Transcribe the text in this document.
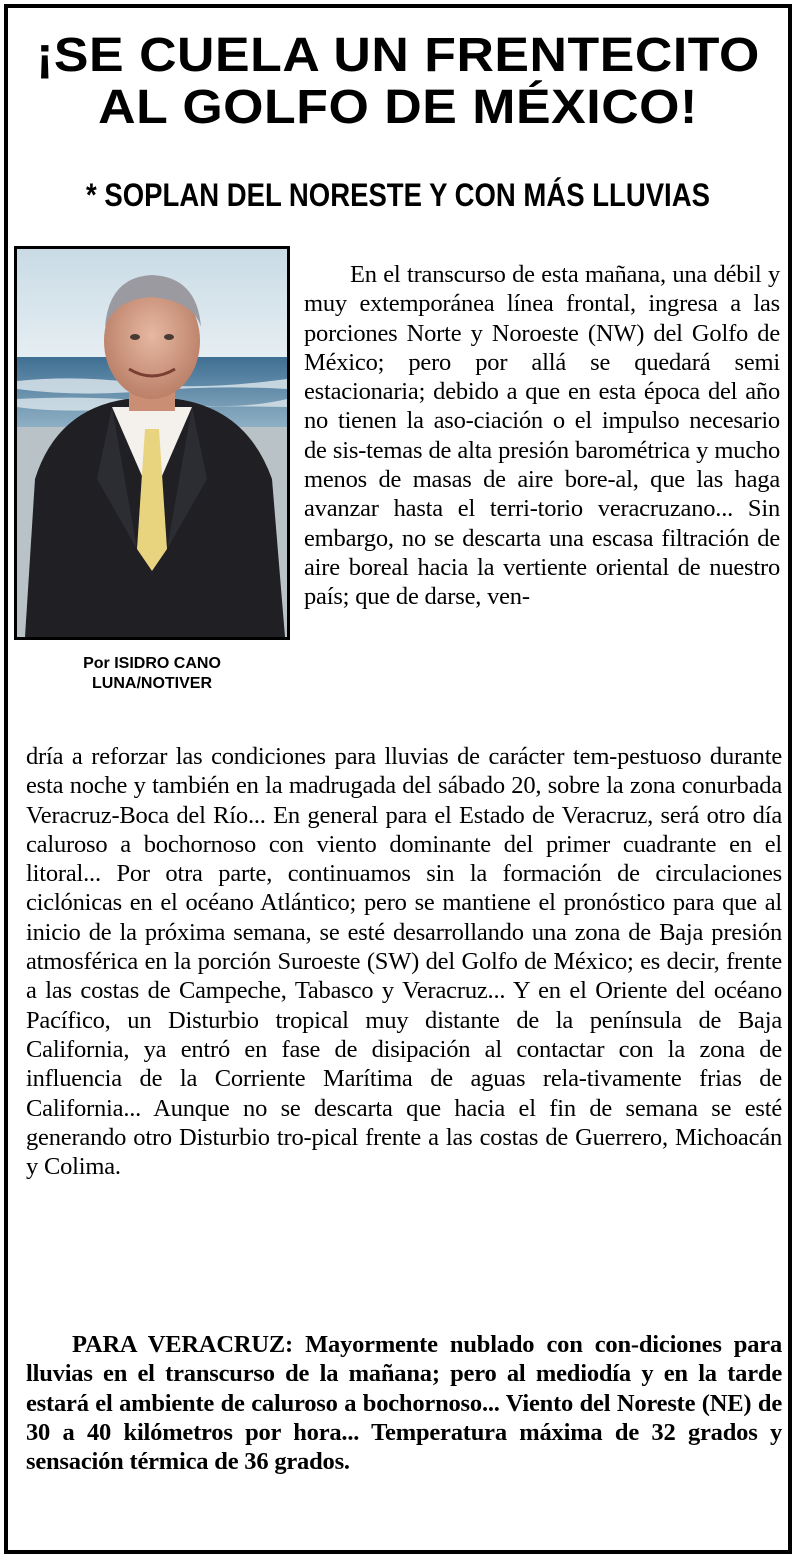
¡SE CUELA UN FRENTECITO
AL GOLFO DE MÉXICO!
* SOPLAN DEL NORESTE Y CON MÁS LLUVIAS
Por ISIDRO CANO
LUNA/NOTIVER

En el transcurso de esta mañana, una débil y muy extemporánea línea frontal, ingresa a las porciones Norte y Noroeste (NW) del Golfo de México; pero por allá se quedará semi estacionaria; debido a que en esta época del año no tienen la aso-ciación o el impulso necesario de sis-temas de alta presión barométrica y mucho menos de masas de aire bore-al, que las haga avanzar hasta el terri-torio veracruzano... Sin embargo, no se descarta una escasa filtración de aire boreal hacia la vertiente oriental de nuestro país; que de darse, ven-

dría a reforzar las condiciones para lluvias de carácter tem-pestuoso durante esta noche y también en la madrugada del sábado 20, sobre la zona conurbada Veracruz-Boca del Río... En general para el Estado de Veracruz, será otro día caluroso a bochornoso con viento dominante del primer cuadrante en el litoral... Por otra parte, continuamos sin la formación de circulaciones ciclónicas en el océano Atlántico; pero se mantiene el pronóstico para que al inicio de la próxima semana, se esté desarrollando una zona de Baja presión atmosférica en la porción Suroeste (SW) del Golfo de México; es decir, frente a las costas de Campeche, Tabasco y Veracruz... Y en el Oriente del océano Pacífico, un Disturbio tropical muy distante de la península de Baja California, ya entró en fase de disipación al contactar con la zona de influencia de la Corriente Marítima de aguas rela-tivamente frias de California... Aunque no se descarta que hacia el fin de semana se esté generando otro Disturbio tro-pical frente a las costas de Guerrero, Michoacán y Colima.

PARA VERACRUZ: Mayormente nublado con con-diciones para lluvias en el transcurso de la mañana; pero al mediodía y en la tarde estará el ambiente de caluroso a bochornoso... Viento del Noreste (NE) de 30 a 40 kilómetros por hora... Temperatura máxima de 32 grados y sensación térmica de 36 grados.
